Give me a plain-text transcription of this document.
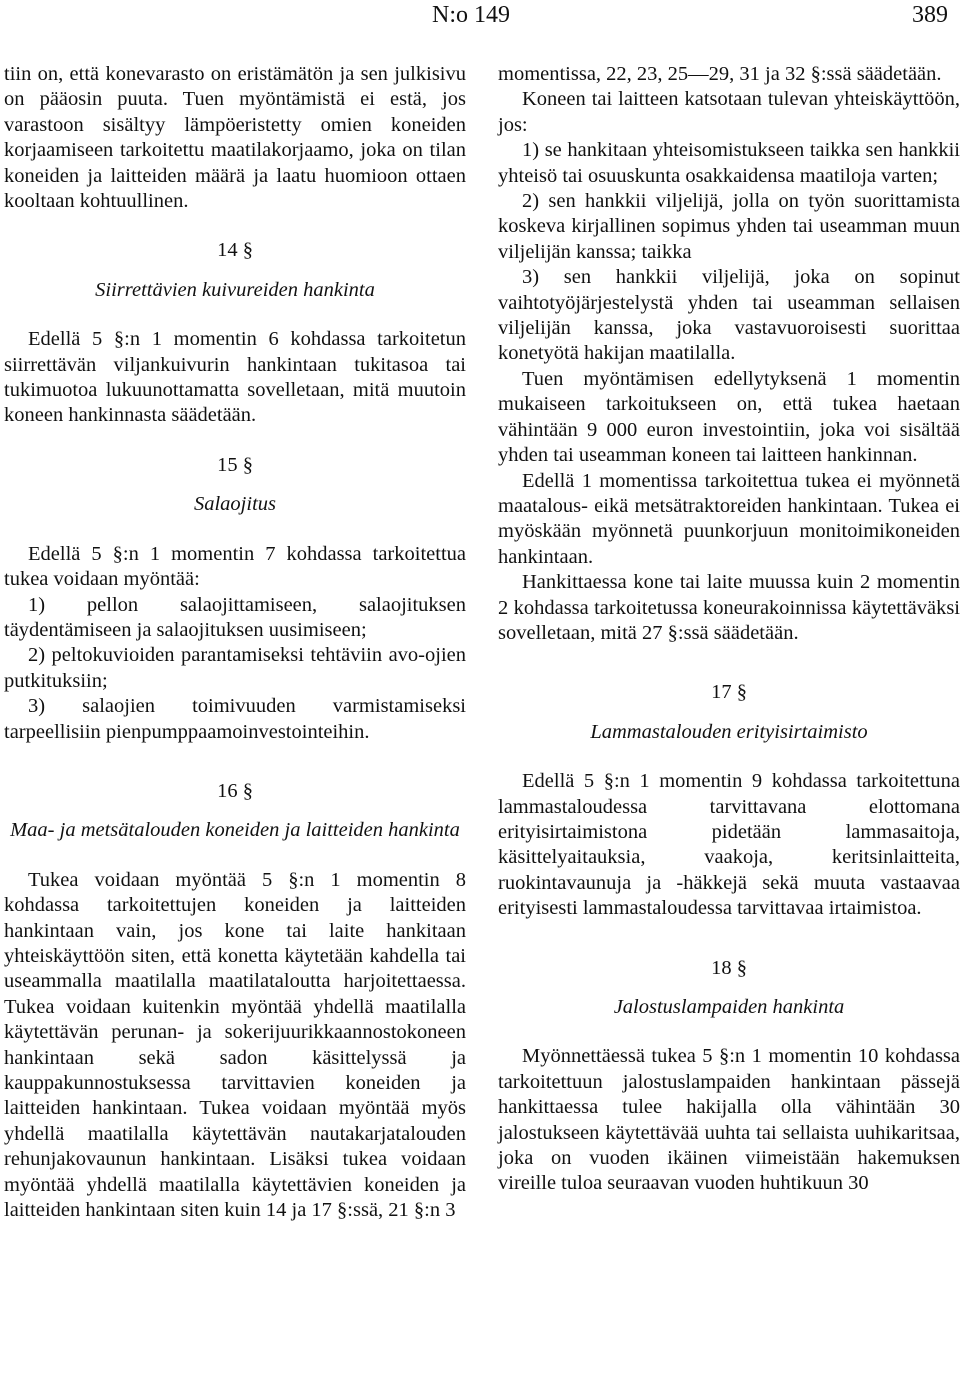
N:o 149	389

tiin on, että konevarasto on eristämätön ja sen julkisivu on pääosin puuta. Tuen myöntämistä ei estä, jos varastoon sisältyy lämpöeristetty omien koneiden korjaamiseen tarkoitettu maatilakorjaamo, joka on tilan koneiden ja laitteiden määrä ja laatu huomioon ottaen kooltaan kohtuullinen.

14 §
Siirrettävien kuivureiden hankinta

Edellä 5 §:n 1 momentin 6 kohdassa tarkoitetun siirrettävän viljankuivurin hankintaan tukitasoa tai tukimuotoa lukuunottamatta sovelletaan, mitä muutoin koneen hankinnasta säädetään.

15 §
Salaojitus

Edellä 5 §:n 1 momentin 7 kohdassa tarkoitettua tukea voidaan myöntää:

1) pellon salaojittamiseen, salaojituksen täydentämiseen ja salaojituksen uusimiseen;

2) peltokuvioiden parantamiseksi tehtäviin avo-ojien putkituksiin;

3) salaojien toimivuuden varmistamiseksi tarpeellisiin pienpumppaamoinvestointeihin.

16 §
Maa- ja metsätalouden koneiden ja laitteiden hankinta

Tukea voidaan myöntää 5 §:n 1 momentin 8 kohdassa tarkoitettujen koneiden ja laitteiden hankintaan vain, jos kone tai laite hankitaan yhteiskäyttöön siten, että konetta käytetään kahdella tai useammalla maatilalla maatilataloutta harjoitettaessa. Tukea voidaan kuitenkin myöntää yhdellä maatilalla käytettävän perunan- ja sokerijuurikkaannostokoneen hankintaan sekä sadon käsittelyssä ja kauppakunnostuksessa tarvittavien koneiden ja laitteiden hankintaan. Tukea voidaan myöntää myös yhdellä maatilalla käytettävän nautakarjatalouden rehunjakovaunun hankintaan. Lisäksi tukea voidaan myöntää yhdellä maatilalla käytettävien koneiden ja laitteiden hankintaan siten kuin 14 ja 17 §:ssä, 21 §:n 3

momentissa, 22, 23, 25—29, 31 ja 32 §:ssä säädetään.

Koneen tai laitteen katsotaan tulevan yhteiskäyttöön, jos:

1) se hankitaan yhteisomistukseen taikka sen hankkii yhteisö tai osuuskunta osakkaidensa maatiloja varten;

2) sen hankkii viljelijä, jolla on työn suorittamista koskeva kirjallinen sopimus yhden tai useamman muun viljelijän kanssa; taikka

3) sen hankkii viljelijä, joka on sopinut vaihtotyöjärjestelystä yhden tai useamman sellaisen viljelijän kanssa, joka vastavuoroisesti suorittaa konetyötä hakijan maatilalla.

Tuen myöntämisen edellytyksenä 1 momentin mukaiseen tarkoitukseen on, että tukea haetaan vähintään 9 000 euron investointiin, joka voi sisältää yhden tai useamman koneen tai laitteen hankinnan.

Edellä 1 momentissa tarkoitettua tukea ei myönnetä maatalous- eikä metsätraktoreiden hankintaan. Tukea ei myöskään myönnetä puunkorjuun monitoimikoneiden hankintaan.

Hankittaessa kone tai laite muussa kuin 2 momentin 2 kohdassa tarkoitetussa koneurakoinnissa käytettäväksi sovelletaan, mitä 27 §:ssä säädetään.

17 §
Lammastalouden erityisirtaimisto

Edellä 5 §:n 1 momentin 9 kohdassa tarkoitettuna lammastaloudessa tarvittavana elottomana erityisirtaimistona pidetään lammasaitoja, käsittelyaitauksia, vaakoja, keritsinlaitteita, ruokintavaunuja ja -häkkejä sekä muuta vastaavaa erityisesti lammastaloudessa tarvittavaa irtaimistoa.

18 §
Jalostuslampaiden hankinta

Myönnettäessä tukea 5 §:n 1 momentin 10 kohdassa tarkoitettuun jalostuslampaiden hankintaan pässejä hankittaessa tulee hakijalla olla vähintään 30 jalostukseen käytettävää uuhta tai sellaista uuhikaritsaa, joka on vuoden ikäinen viimeistään hakemuksen vireille tuloa seuraavan vuoden huhtikuun 30
